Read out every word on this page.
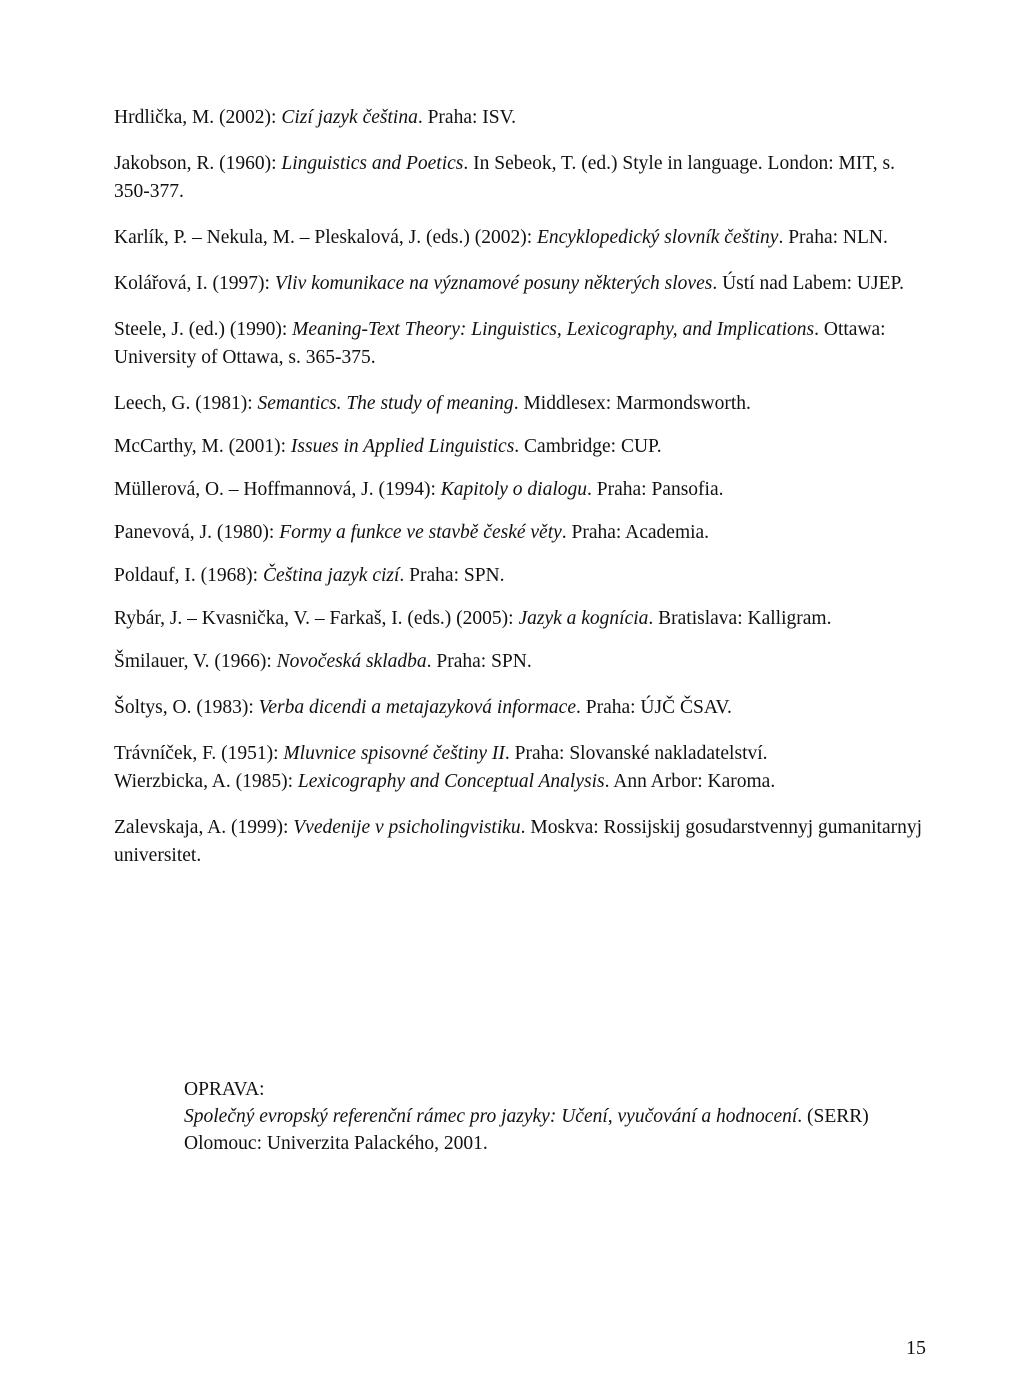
Hrdlička, M. (2002): Cizí jazyk čeština. Praha: ISV.

Jakobson, R. (1960): Linguistics and Poetics. In Sebeok, T. (ed.) Style in language. London: MIT, s. 350-377.

Karlík, P. – Nekula, M. – Pleskalová, J. (eds.) (2002): Encyklopedický slovník češtiny. Praha: NLN.

Kolářová, I. (1997): Vliv komunikace na významové posuny některých sloves. Ústí nad Labem: UJEP.

Steele, J. (ed.) (1990): Meaning-Text Theory: Linguistics, Lexicography, and Implications. Ottawa: University of Ottawa, s. 365-375.

Leech, G. (1981): Semantics. The study of meaning. Middlesex: Marmondsworth.

McCarthy, M. (2001): Issues in Applied Linguistics. Cambridge: CUP.

Müllerová, O. – Hoffmannová, J. (1994): Kapitoly o dialogu. Praha: Pansofia.

Panevová, J. (1980): Formy a funkce ve stavbě české věty. Praha: Academia.

Poldauf, I. (1968): Čeština jazyk cizí. Praha: SPN.

Rybár, J. – Kvasnička, V. – Farkaš, I. (eds.) (2005): Jazyk a kognícia. Bratislava: Kalligram.

Šmilauer, V. (1966): Novočeská skladba. Praha: SPN.

Šoltys, O. (1983): Verba dicendi a metajazyková informace. Praha: ÚJČ ČSAV.

Trávníček, F. (1951): Mluvnice spisovné češtiny II. Praha: Slovanské nakladatelství.

Wierzbicka, A. (1985): Lexicography and Conceptual Analysis. Ann Arbor: Karoma.

Zalevskaja, A. (1999): Vvedenije v psicholingvistiku. Moskva: Rossijskij gosudarstvennyj gumanitarnyj universitet.

OPRAVA:

Společný evropský referenční rámec pro jazyky: Učení, vyučování a hodnocení. (SERR) Olomouc: Univerzita Palackého, 2001.

15
